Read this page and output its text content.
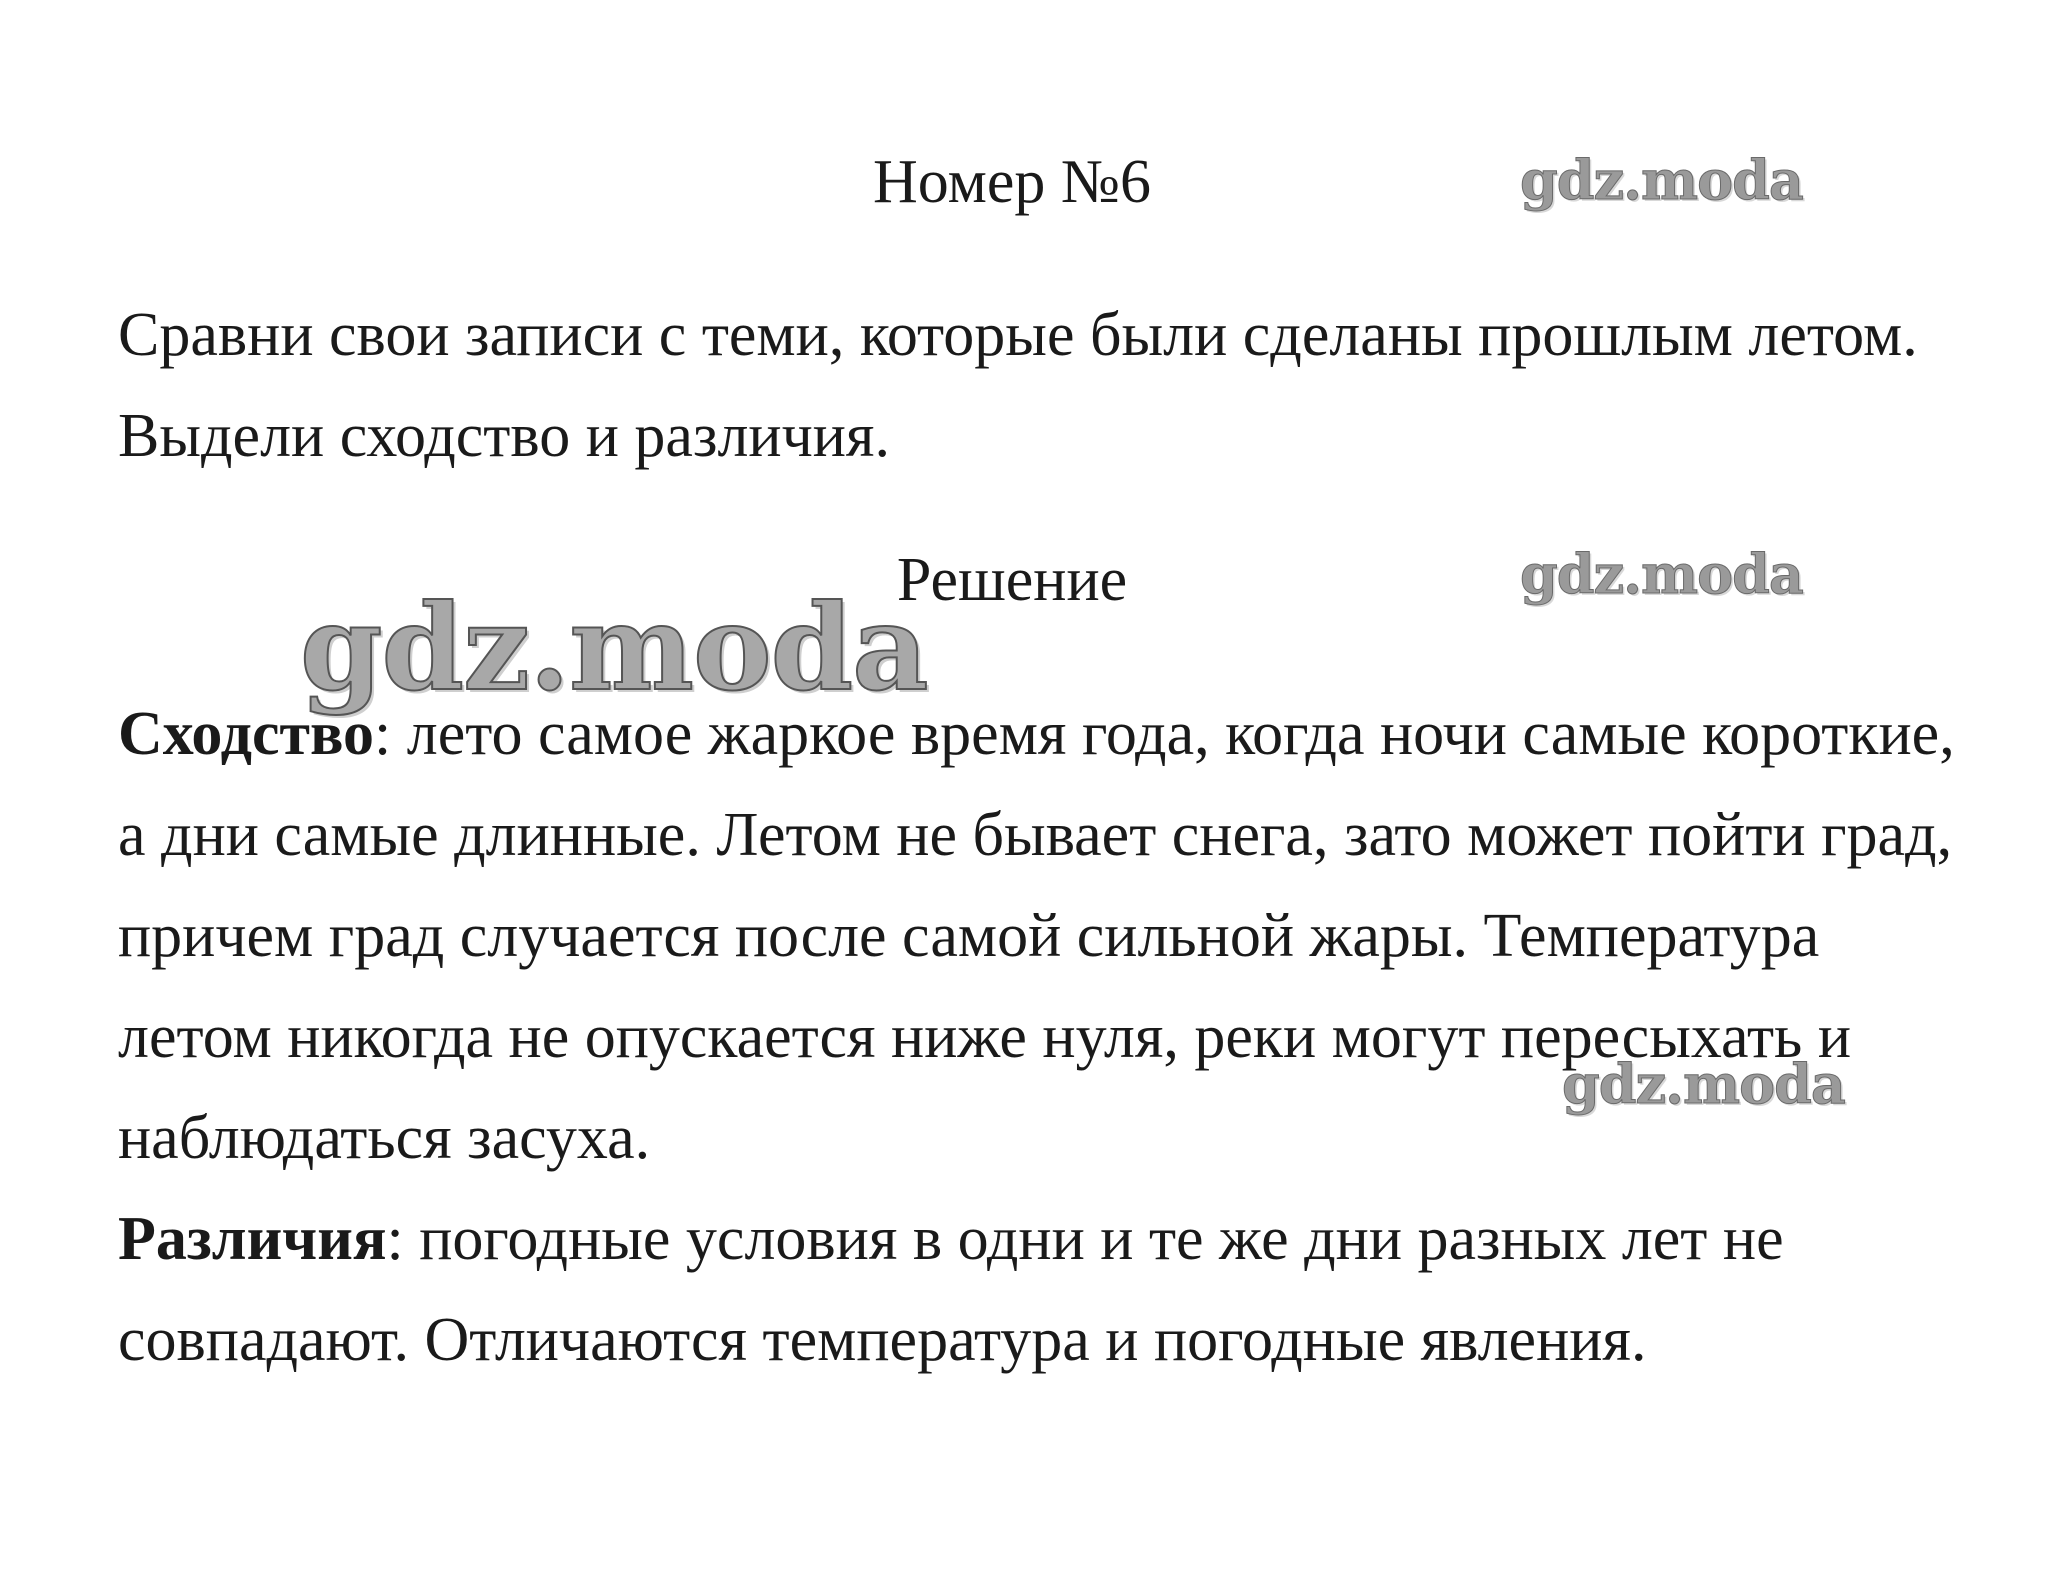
Номер №6
Сравни свои записи с теми, которые были сделаны прошлым летом. Выдели сходство и различия.
Решение

Сходство: лето самое жаркое время года, когда ночи самые короткие, а дни самые длинные. Летом не бывает снега, зато может пойти град, причем град случается после самой сильной жары. Температура летом никогда не опускается ниже нуля, реки могут пересыхать и наблюдаться засуха.

Различия: погодные условия в одни и те же дни разных лет не совпадают. Отличаются температура и погодные явления.

gdz.moda
gdz.moda
gdz.moda
gdz.moda
